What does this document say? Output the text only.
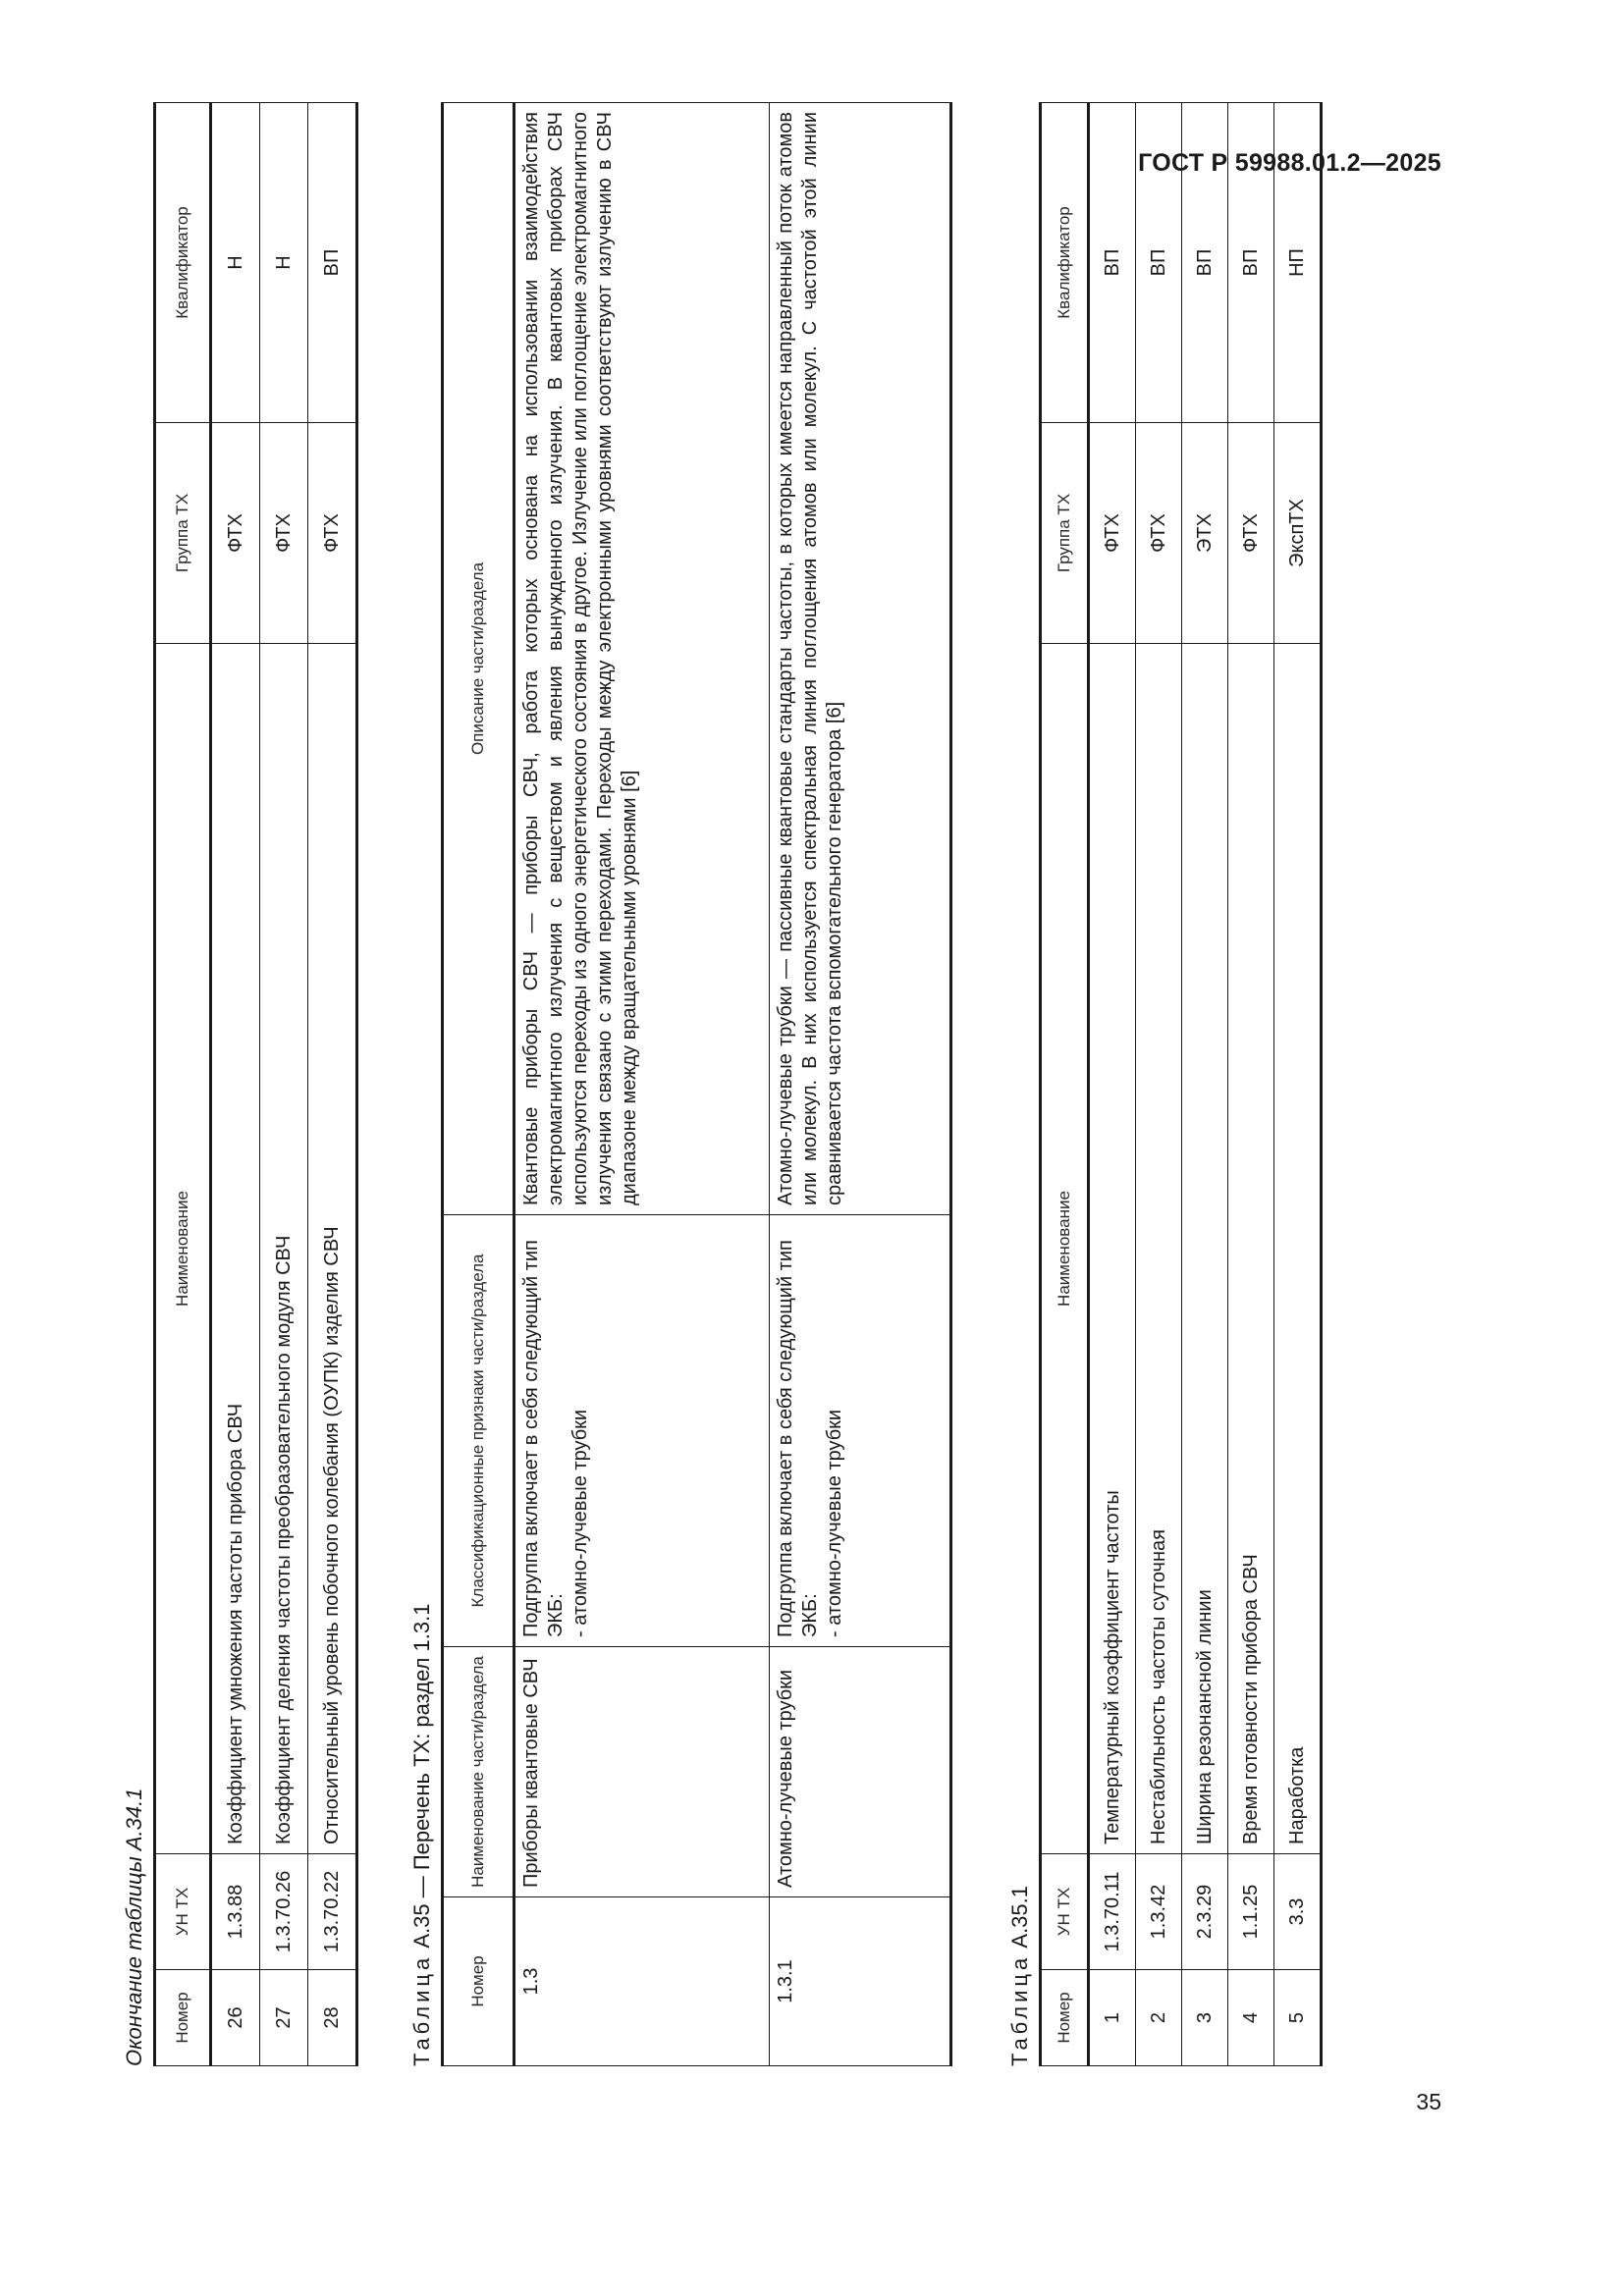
ГОСТ Р 59988.01.2—2025
35
Окончание таблицы А.34.1	Номер	УН ТХ	Наименование	Группа ТХ	Квалификатор
26	1.3.88	Коэффициент умножения частоты прибора СВЧ	ФТХ	Н
27	1.3.70.26	Коэффициент деления частоты преобразовательного модуля СВЧ	ФТХ	Н
28	1.3.70.22	Относительный уровень побочного колебания (ОУПК) изделия СВЧ	ФТХ	ВП
Таблица А.35 — Перечень ТХ: раздел 1.3.1
Номер	Наименование части/раздела	Классификационные признаки части/раздела	Описание части/раздела
1.3	Приборы квантовые СВЧ	Подгруппа включает в себя следующий тип ЭКБ: - атомно-лучевые трубки	Квантовые приборы СВЧ — приборы СВЧ, работа которых основана на использовании взаимодействия электромагнитного излучения с веществом и явления вынужденного излучения. В квантовых приборах СВЧ используются переходы из одного энергетического состояния в другое. Излучение или поглощение электромагнитного излучения связано с этими переходами. Переходы между электронными уровнями соответствуют излучению в СВЧ диапазоне между вращательными уровнями [6]
1.3.1	Атомно-лучевые трубки	Подгруппа включает в себя следующий тип ЭКБ: - атомно-лучевые трубки	Атомно-лучевые трубки — пассивные квантовые стандарты частоты, в которых имеется направленный поток атомов или молекул. В них используется спектральная линия поглощения атомов или молекул. С частотой этой линии сравнивается частота вспомогательного генератора [6]
Таблица А.35.1
Номер	УН ТХ	Наименование	Группа ТХ	Квалификатор
1	1.3.70.11	Температурный коэффициент частоты	ФТХ	ВП
2	1.3.42	Нестабильность частоты суточная	ФТХ	ВП
3	2.3.29	Ширина резонансной линии	ЭТХ	ВП
4	1.1.25	Время готовности прибора СВЧ	ФТХ	ВП
5	3.3	Наработка	ЭкспТХ	НП
